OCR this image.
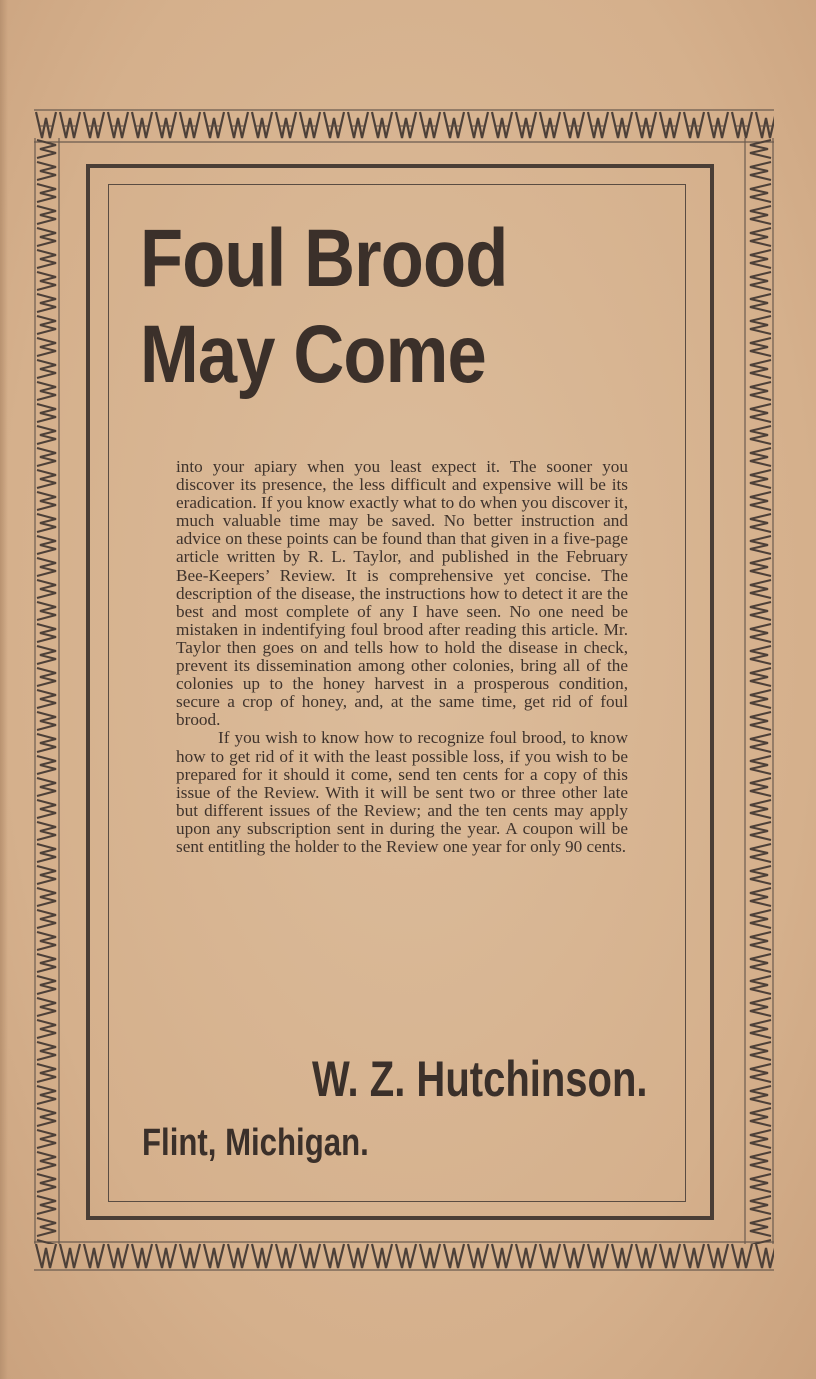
Foul Brood
May Come

into your apiary when you least expect it. The sooner you discover its presence, the less difficult and expensive will be its eradication. If you know exactly what to do when you discover it, much valuable time may be saved. No better instruction and advice on these points can be found than that given in a five-page article written by R. L. Taylor, and published in the February Bee-Keepers’ Review. It is comprehensive yet concise. The description of the disease, the instructions how to detect it are the best and most complete of any I have seen. No one need be mistaken in indentifying foul brood after reading this article. Mr. Taylor then goes on and tells how to hold the disease in check, prevent its dissemination among other colonies, bring all of the colonies up to the honey harvest in a prosperous condition, secure a crop of honey, and, at the same time, get rid of foul brood.

If you wish to know how to recognize foul brood, to know how to get rid of it with the least possible loss, if you wish to be prepared for it should it come, send ten cents for a copy of this issue of the Review. With it will be sent two or three other late but different issues of the Review; and the ten cents may apply upon any subscription sent in during the year. A coupon will be sent entitling the holder to the Review one year for only 90 cents.

W. Z. Hutchinson.

Flint, Michigan.
